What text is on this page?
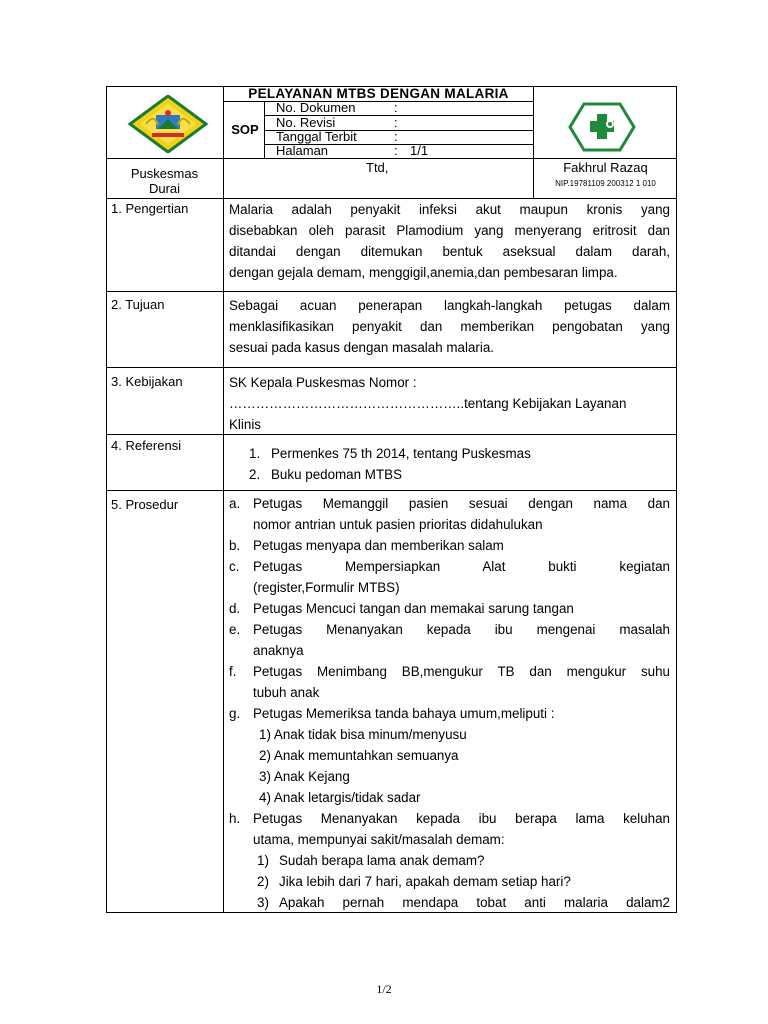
PELAYANAN MTBS DENGAN MALARIA
SOP
No. Dokumen	:
No. Revisi	:
Tanggal Terbit	:
Halaman	: 1/1
Puskesmas
Durai
Ttd,	Fakhrul Razaq
NIP.19781109 200312 1 010
1. Pengertian	Malaria adalah penyakit infeksi akut maupun kronis yang
disebabkan oleh parasit Plamodium yang menyerang eritrosit dan
ditandai dengan ditemukan bentuk aseksual dalam darah,
dengan gejala demam, menggigil,anemia,dan pembesaran limpa.
2. Tujuan	Sebagai acuan penerapan langkah-langkah petugas dalam
menklasifikasikan penyakit dan memberikan pengobatan yang
sesuai pada kasus dengan masalah malaria.
3. Kebijakan	SK Kepala Puskesmas Nomor :
……………………………………………..tentang Kebijakan Layanan
Klinis
4. Referensi
1. Permenkes 75 th 2014, tentang Puskesmas
2. Buku pedoman MTBS
5. Prosedur	a. Petugas Memanggil pasien sesuai dengan nama dan
nomor antrian untuk pasien prioritas didahulukan
b. Petugas menyapa dan memberikan salam
c. Petugas Mempersiapkan Alat bukti kegiatan
(register,Formulir MTBS)
d. Petugas Mencuci tangan dan memakai sarung tangan
e. Petugas Menanyakan kepada ibu mengenai masalah
anaknya
f. Petugas Menimbang BB,mengukur TB dan mengukur suhu
tubuh anak
g. Petugas Memeriksa tanda bahaya umum,meliputi :
1) Anak tidak bisa minum/menyusu
2) Anak memuntahkan semuanya
3) Anak Kejang
4) Anak letargis/tidak sadar
h. Petugas Menanyakan kepada ibu berapa lama keluhan
utama, mempunyai sakit/masalah demam:
1) Sudah berapa lama anak demam?
2) Jika lebih dari 7 hari, apakah demam setiap hari?
3) Apakah pernah mendapa tobat anti malaria dalam2
1/2
